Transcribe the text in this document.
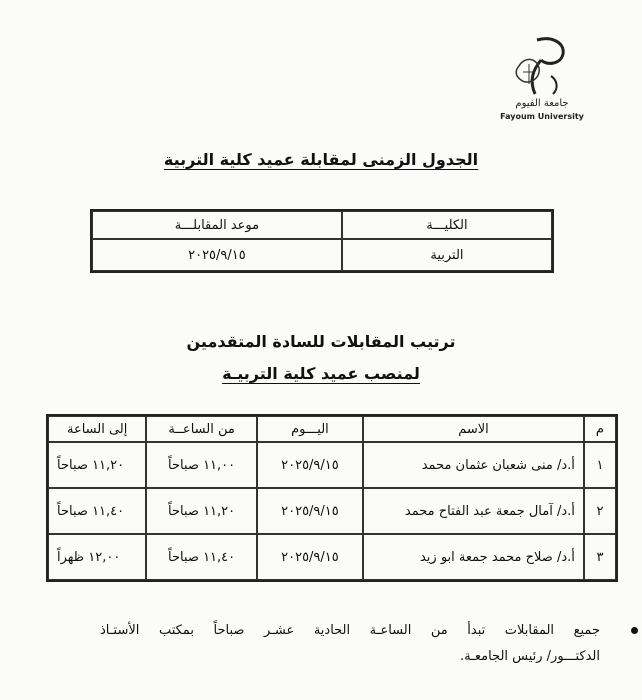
جامعة الفيوم
Fayoum University
الجدول الزمنى لمقابلة عميد كلية التربية
الكليـــة	موعد المقابلـــة
التربية	٢٠٢٥/٩/١٥
ترتيب المقابلات للسادة المتقدمين
لمنصب عميد كلية التربيـة
م	الاسم	اليـــوم	من الساعــة	إلى الساعة
١	أ.د/ منى شعبان عثمان محمد	٢٠٢٥/٩/١٥	١١,٠٠ صباحاً	١١,٢٠ صباحاً

٢	أ.د/ آمال جمعة عبد الفتاح محمد	٢٠٢٥/٩/١٥	١١,٢٠ صباحاً	١١,٤٠ صباحاً

٣	أ.د/ صلاح محمد جمعة ابو زيد	٢٠٢٥/٩/١٥	١١,٤٠ صباحاً	١٢,٠٠ ظهراً
جميع المقابلات تبدأ من الساعـة الحادية عشـر صباحاً بمكتب الأستـاذ
الدكتـــور/ رئيس الجامعـة.
